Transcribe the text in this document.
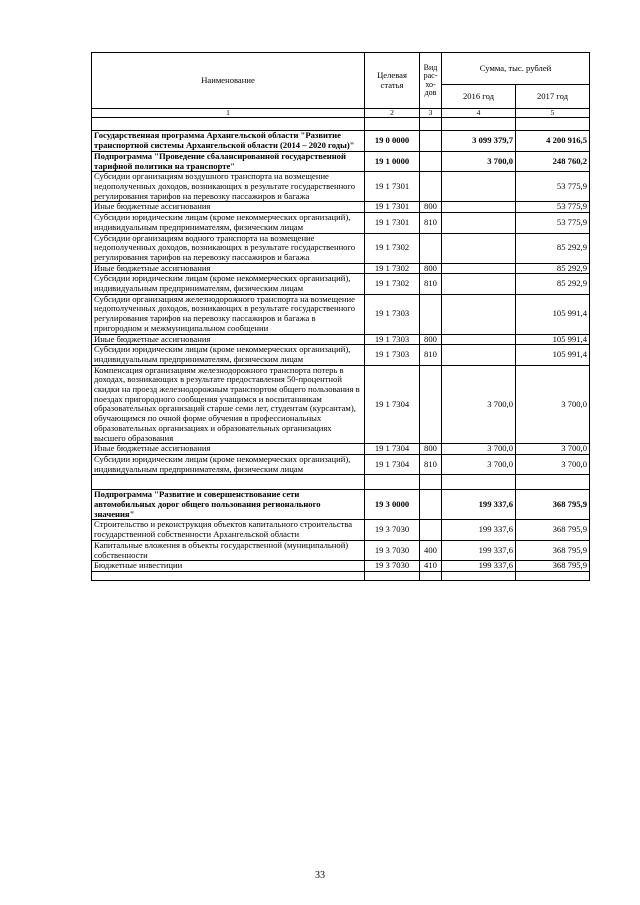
Наименование	Целевая статья	Вид рас-хо-дов	Сумма, тыс. рублей	
			2016 год	2017 год
1	2	3	4	5

Государственная программа Архангельской области "Развитие транспортной системы Архангельской области (2014 – 2020 годы)"	19 0 0000		3 099 379,7	4 200 916,5
Подпрограмма "Проведение сбалансированной государственной тарифной политики на транспорте"	19 1 0000		3 700,0	248 760,2
Субсидии организациям воздушного транспорта на возмещение недополученных доходов, возникающих в результате государственного регулирования тарифов на перевозку пассажиров и багажа	19 1 7301			53 775,9
Иные бюджетные ассигнования	19 1 7301	800		53 775,9
Субсидии юридическим лицам (кроме некоммерческих организаций), индивидуальным предпринимателям, физическим лицам	19 1 7301	810		53 775,9
Субсидии организациям водного транспорта на возмещение недополученных доходов, возникающих в результате государственного регулирования тарифов на перевозку пассажиров и багажа	19 1 7302			85 292,9
Иные бюджетные ассигнования	19 1 7302	800		85 292,9
Субсидии юридическим лицам (кроме некоммерческих организаций), индивидуальным предпринимателям, физическим лицам	19 1 7302	810		85 292,9
Субсидии организациям железнодорожного транспорта на возмещение недополученных доходов, возникающих в результате государственного регулирования тарифов на перевозку пассажиров и багажа в пригородном и межмуниципальном сообщении	19 1 7303			105 991,4
Иные бюджетные ассигнования	19 1 7303	800		105 991,4
Субсидии юридическим лицам (кроме некоммерческих организаций), индивидуальным предпринимателям, физическим лицам	19 1 7303	810		105 991,4
Компенсация организациям железнодорожного транспорта потерь в доходах, возникающих в результате предоставления 50-процентной скидки на проезд железнодорожным транспортом общего пользования в поездах пригородного сообщения учащимся и воспитанникам образовательных организаций старше семи лет, студентам (курсантам), обучающимся по очной форме обучения в профессиональных образовательных организациях и образовательных организациях высшего образования	19 1 7304		3 700,0	3 700,0
Иные бюджетные ассигнования	19 1 7304	800	3 700,0	3 700,0
Субсидии юридическим лицам (кроме некоммерческих организаций), индивидуальным предпринимателям, физическим лицам	19 1 7304	810	3 700,0	3 700,0

Подпрограмма "Развитие и совершенствование сети автомобильных дорог общего пользования регионального значения"	19 3 0000		199 337,6	368 795,9
Строительство и реконструкция объектов капитального строительства государственной собственности Архангельской области	19 3 7030		199 337,6	368 795,9
Капитальные вложения в объекты государственной (муниципальной) собственности	19 3 7030	400	199 337,6	368 795,9
Бюджетные инвестиции	19 3 7030	410	199 337,6	368 795,9

33
